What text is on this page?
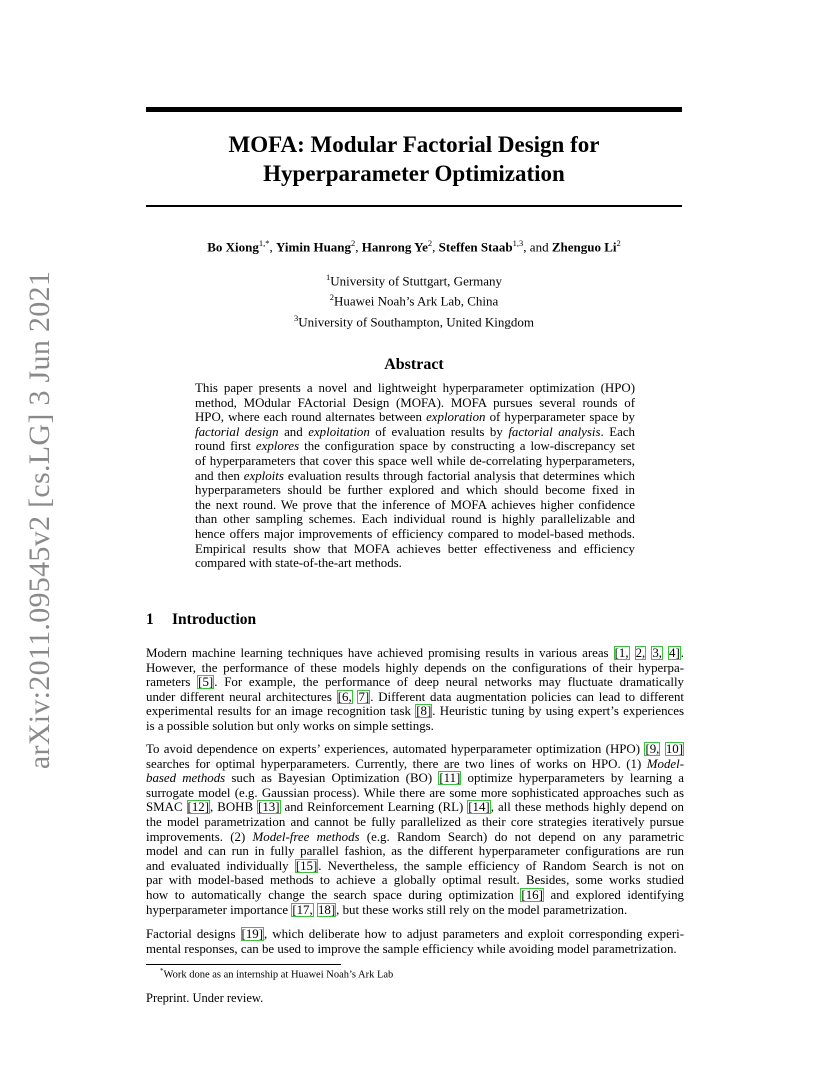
arXiv:2011.09545v2 [cs.LG] 3 Jun 2021
MOFA: Modular Factorial Design for
Hyperparameter Optimization
Bo Xiong$^{1,*}$, Yimin Huang$^2$, Hanrong Ye$^2$, Steffen Staab$^{1,3}$, and Zhenguo Li$^2$
$^1$University of Stuttgart, Germany
$^2$Huawei Noah’s Ark Lab, China
$^3$University of Southampton, United Kingdom
Abstract
This paper presents a novel and lightweight hyperparameter optimization (HPO)
method, MOdular FActorial Design (MOFA). MOFA pursues several rounds of
HPO, where each round alternates between exploration of hyperparameter space by
factorial design and exploitation of evaluation results by factorial analysis. Each
round first explores the configuration space by constructing a low-discrepancy set
of hyperparameters that cover this space well while de-correlating hyperparameters,
and then exploits evaluation results through factorial analysis that determines which
hyperparameters should be further explored and which should become fixed in
the next round. We prove that the inference of MOFA achieves higher confidence
than other sampling schemes. Each individual round is highly parallelizable and
hence offers major improvements of efficiency compared to model-based methods.
Empirical results show that MOFA achieves better effectiveness and efficiency
compared with state-of-the-art methods.
1 Introduction
Modern machine learning techniques have achieved promising results in various areas [1, 2, 3, 4].
However, the performance of these models highly depends on the configurations of their hyperpa-
rameters [5]. For example, the performance of deep neural networks may fluctuate dramatically
under different neural architectures [6, 7]. Different data augmentation policies can lead to different
experimental results for an image recognition task [8]. Heuristic tuning by using expert’s experiences
is a possible solution but only works on simple settings.
To avoid dependence on experts’ experiences, automated hyperparameter optimization (HPO) [9, 10]
searches for optimal hyperparameters. Currently, there are two lines of works on HPO. (1) Model-
based methods such as Bayesian Optimization (BO) [11] optimize hyperparameters by learning a
surrogate model (e.g. Gaussian process). While there are some more sophisticated approaches such as
SMAC [12], BOHB [13] and Reinforcement Learning (RL) [14], all these methods highly depend on
the model parametrization and cannot be fully parallelized as their core strategies iteratively pursue
improvements. (2) Model-free methods (e.g. Random Search) do not depend on any parametric
model and can run in fully parallel fashion, as the different hyperparameter configurations are run
and evaluated individually [15]. Nevertheless, the sample efficiency of Random Search is not on
par with model-based methods to achieve a globally optimal result. Besides, some works studied
how to automatically change the search space during optimization [16] and explored identifying
hyperparameter importance [17, 18], but these works still rely on the model parametrization.
Factorial designs [19], which deliberate how to adjust parameters and exploit corresponding experi-
mental responses, can be used to improve the sample efficiency while avoiding model parametrization.
*Work done as an internship at Huawei Noah’s Ark Lab
Preprint. Under review.
